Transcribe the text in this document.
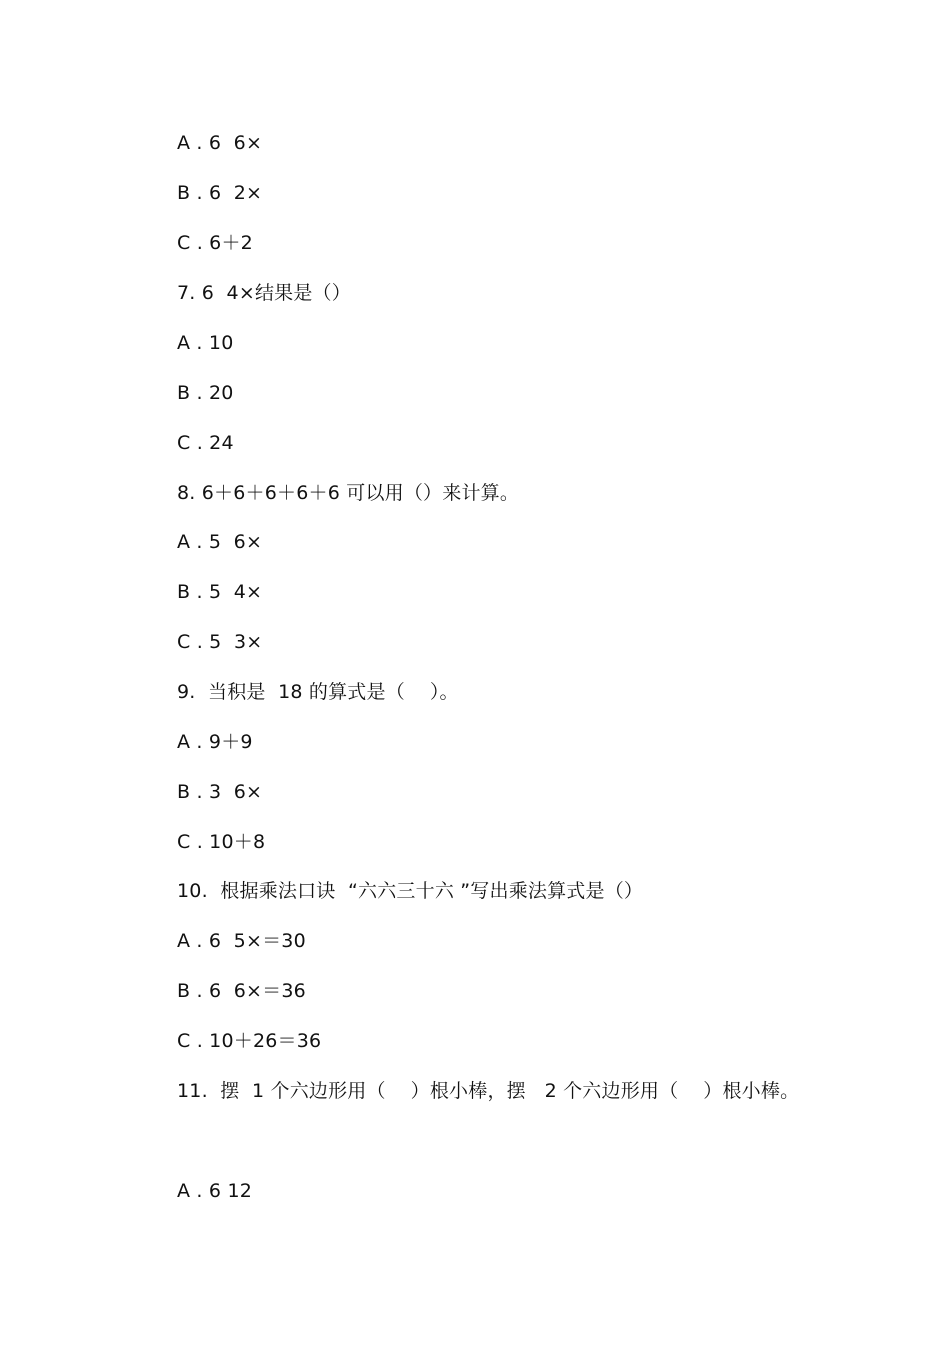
A . 6  6×
B . 6  2×
C . 6＋2
7. 6  4×结果是（）
A . 10
B . 20
C . 24
8. 6＋6＋6＋6＋6 可以用（）来计算。
A . 5  6×
B . 5  4×
C . 5  3×
9.  当积是  18 的算式是（    ）。
A . 9＋9
B . 3  6×
C . 10＋8
10.  根据乘法口诀  “六六三十六 ”写出乘法算式是（）
A . 6  5×＝30
B . 6  6×＝36
C . 10＋26＝36
11.  摆  1 个六边形用（    ）根小棒，摆   2 个六边形用（    ）根小棒。
A . 6 12
